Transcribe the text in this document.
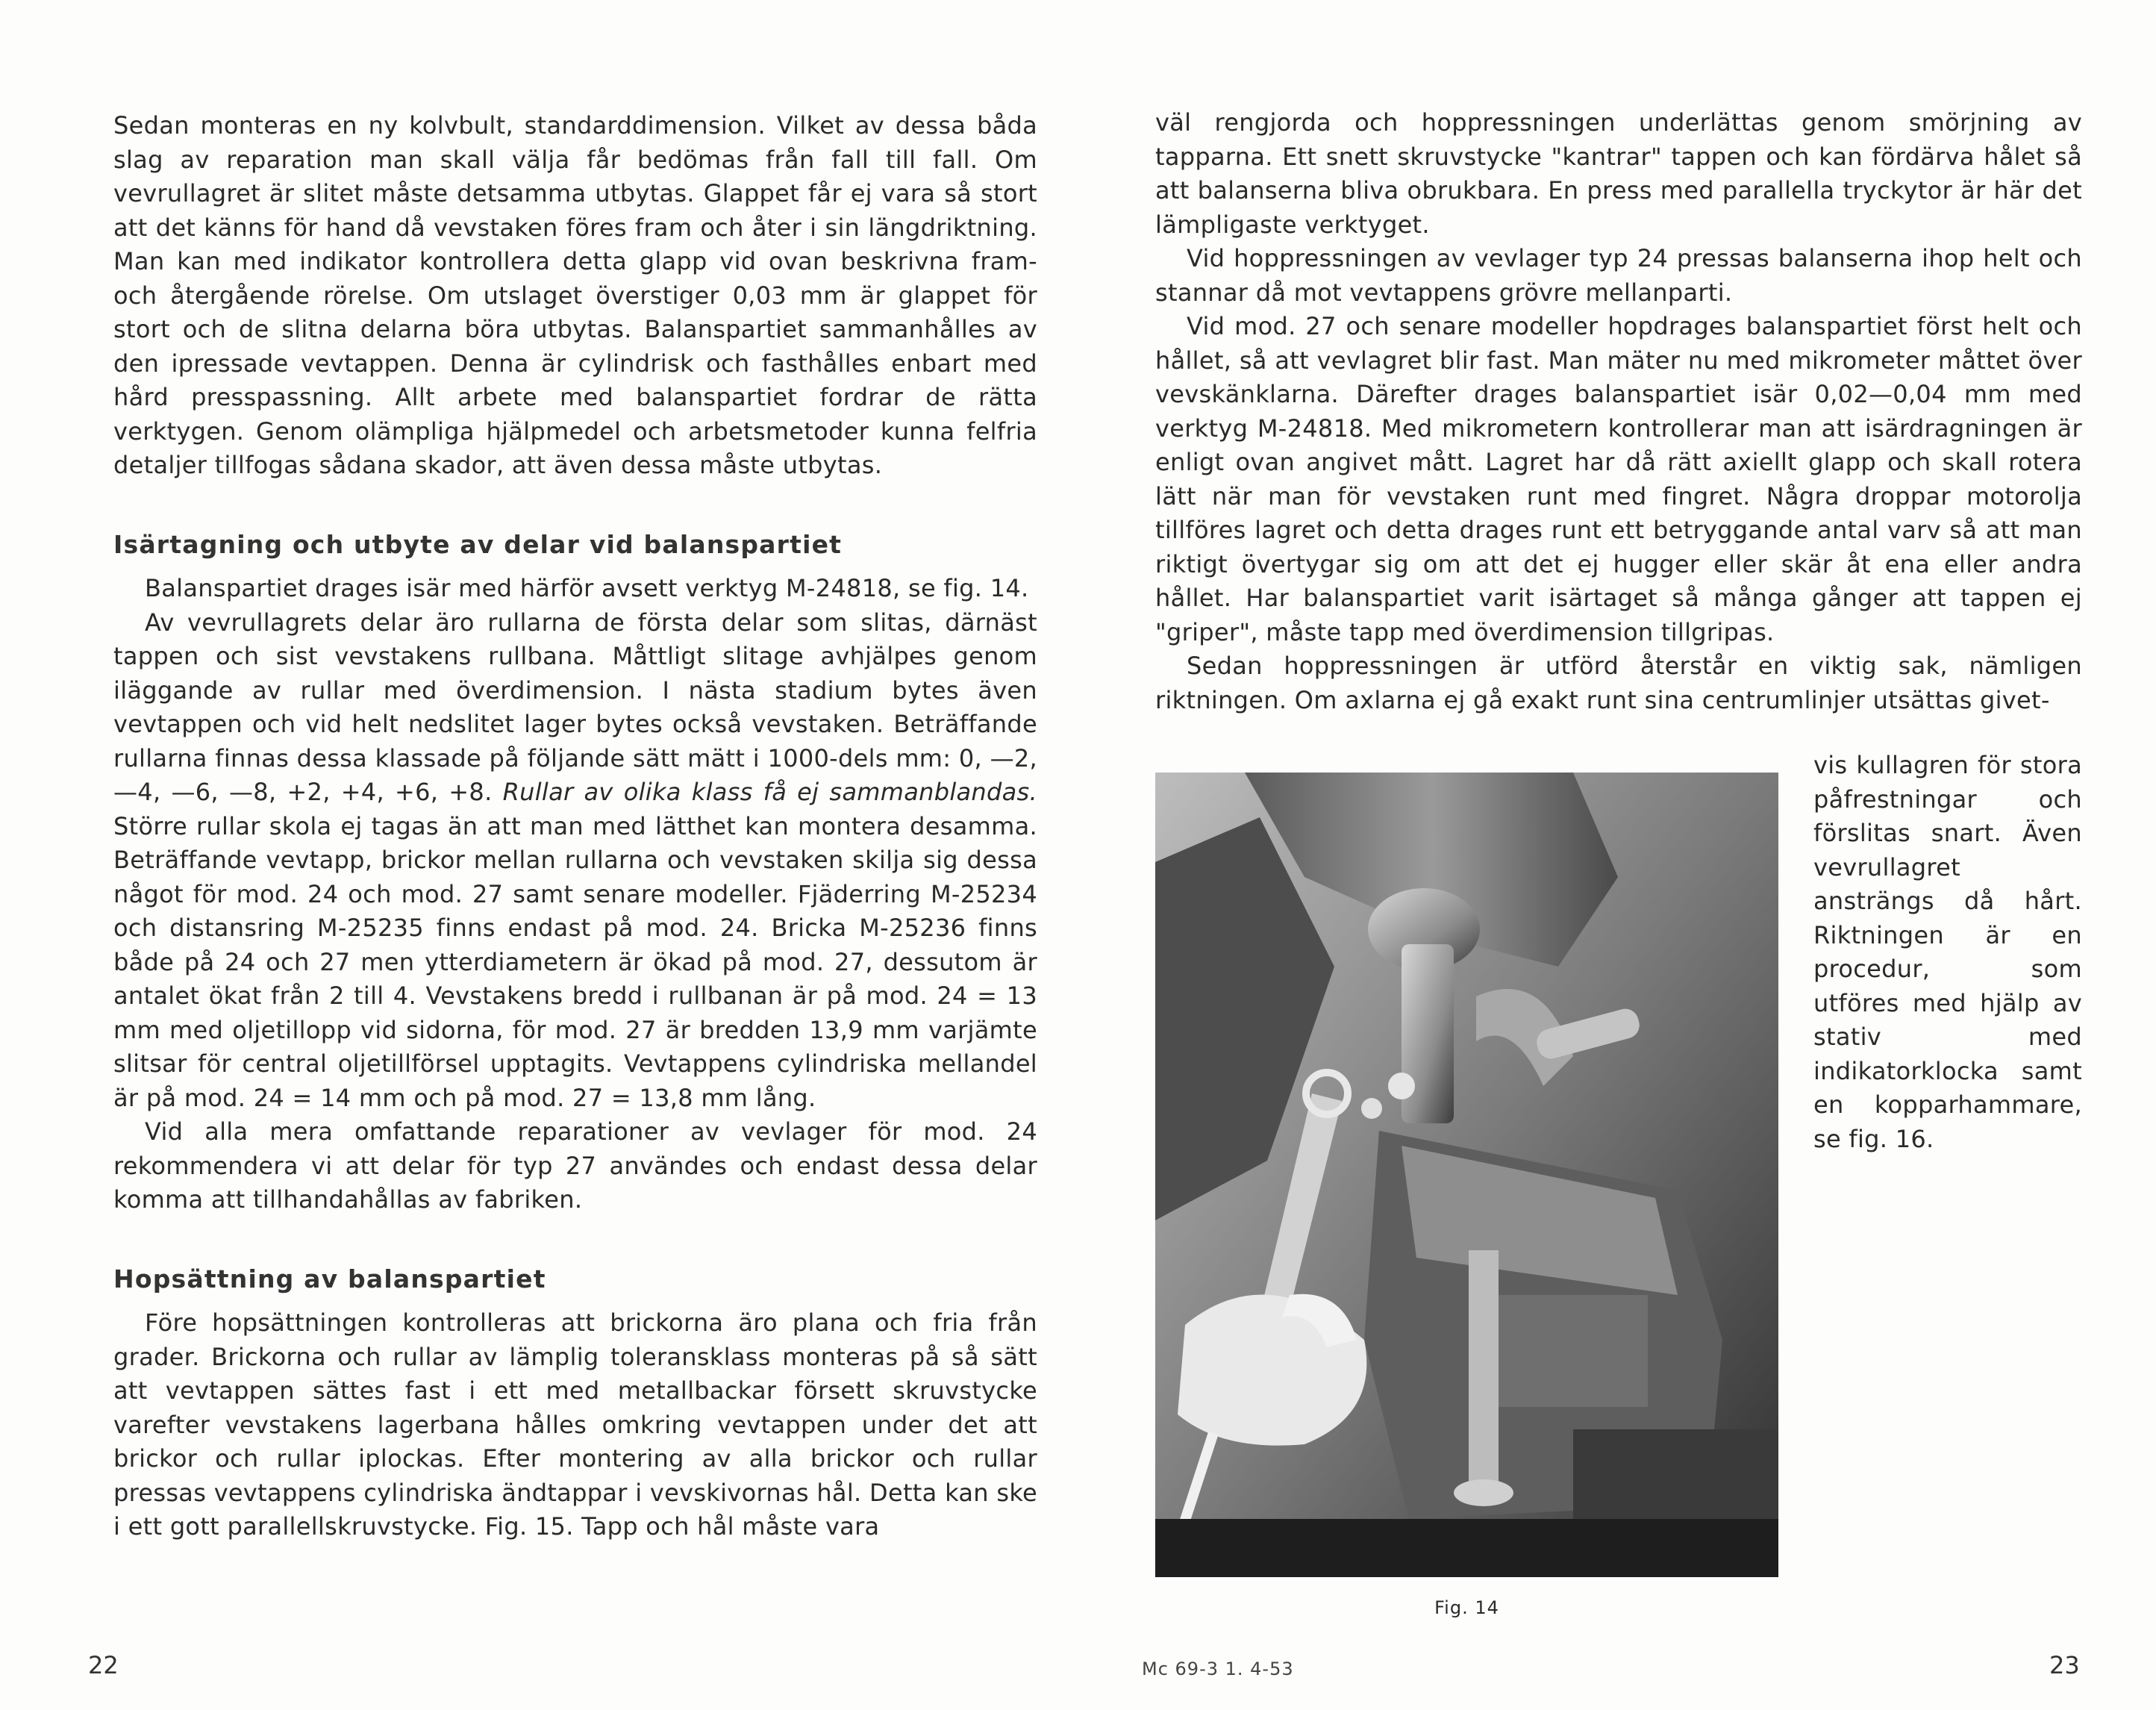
Sedan monteras en ny kolvbult, standarddimension. Vilket av dessa båda slag av reparation man skall välja får bedömas från fall till fall. Om vevrullagret är slitet måste detsamma utbytas. Glappet får ej vara så stort att det känns för hand då vevstaken föres fram och åter i sin längdriktning. Man kan med indikator kontrollera detta glapp vid ovan beskrivna fram- och återgående rörelse. Om utslaget överstiger 0,03 mm är glappet för stort och de slitna delarna böra utbytas. Balanspartiet sammanhålles av den ipressade vevtappen. Denna är cylindrisk och fasthålles enbart med hård presspassning. Allt arbete med balanspartiet fordrar de rätta verktygen. Genom olämpliga hjälpmedel och arbetsmetoder kunna felfria detaljer tillfogas sådana skador, att även dessa måste utbytas.

Isärtagning och utbyte av delar vid balanspartiet

Balanspartiet drages isär med härför avsett verktyg M-24818, se fig. 14.

Av vevrullagrets delar äro rullarna de första delar som slitas, därnäst tappen och sist vevstakens rullbana. Måttligt slitage avhjälpes genom iläggande av rullar med överdimension. I nästa stadium bytes även vevtappen och vid helt nedslitet lager bytes också vevstaken. Beträffande rullarna finnas dessa klassade på följande sätt mätt i 1000-dels mm: 0, —2, —4, —6, —8, +2, +4, +6, +8. Rullar av olika klass få ej sammanblandas. Större rullar skola ej tagas än att man med lätthet kan montera desamma. Beträffande vevtapp, brickor mellan rullarna och vevstaken skilja sig dessa något för mod. 24 och mod. 27 samt senare modeller. Fjäderring M-25234 och distansring M-25235 finns endast på mod. 24. Bricka M-25236 finns både på 24 och 27 men ytterdiametern är ökad på mod. 27, dessutom är antalet ökat från 2 till 4. Vevstakens bredd i rullbanan är på mod. 24 = 13 mm med oljetillopp vid sidorna, för mod. 27 är bredden 13,9 mm varjämte slitsar för central oljetillförsel upptagits. Vevtappens cylindriska mellandel är på mod. 24 = 14 mm och på mod. 27 = 13,8 mm lång.

Vid alla mera omfattande reparationer av vevlager för mod. 24 rekommendera vi att delar för typ 27 användes och endast dessa delar komma att tillhandahållas av fabriken.

Hopsättning av balanspartiet

Före hopsättningen kontrolleras att brickorna äro plana och fria från grader. Brickorna och rullar av lämplig toleransklass monteras på så sätt att vevtappen sättes fast i ett med metallbackar försett skruvstycke varefter vevstakens lagerbana hålles omkring vevtappen under det att brickor och rullar iplockas. Efter montering av alla brickor och rullar pressas vevtappens cylindriska ändtappar i vevskivornas hål. Detta kan ske i ett gott parallellskruvstycke. Fig. 15. Tapp och hål måste vara

22

väl rengjorda och hoppressningen underlättas genom smörjning av tapparna. Ett snett skruvstycke "kantrar" tappen och kan fördärva hålet så att balanserna bliva obrukbara. En press med parallella tryckytor är här det lämpligaste verktyget.

Vid hoppressningen av vevlager typ 24 pressas balanserna ihop helt och stannar då mot vevtappens grövre mellanparti.

Vid mod. 27 och senare modeller hopdrages balanspartiet först helt och hållet, så att vevlagret blir fast. Man mäter nu med mikrometer måttet över vevskänklarna. Därefter drages balanspartiet isär 0,02—0,04 mm med verktyg M-24818. Med mikrometern kontrollerar man att isärdragningen är enligt ovan angivet mått. Lagret har då rätt axiellt glapp och skall rotera lätt när man för vevstaken runt med fingret. Några droppar motorolja tillföres lagret och detta drages runt ett betryggande antal varv så att man riktigt övertygar sig om att det ej hugger eller skär åt ena eller andra hållet. Har balanspartiet varit isärtaget så många gånger att tappen ej "griper", måste tapp med överdimension tillgripas.

Sedan hoppressningen är utförd återstår en viktig sak, nämligen riktningen. Om axlarna ej gå exakt runt sina centrumlinjer utsättas givet-

Fig. 14

vis kullagren för stora påfrestningar och förslitas snart. Även vevrullagret ansträngs då hårt. Riktningen är en procedur, som utföres med hjälp av stativ med indikatorklocka samt en kopparhammare, se fig. 16.

Mc 69-3 1. 4-53	23
